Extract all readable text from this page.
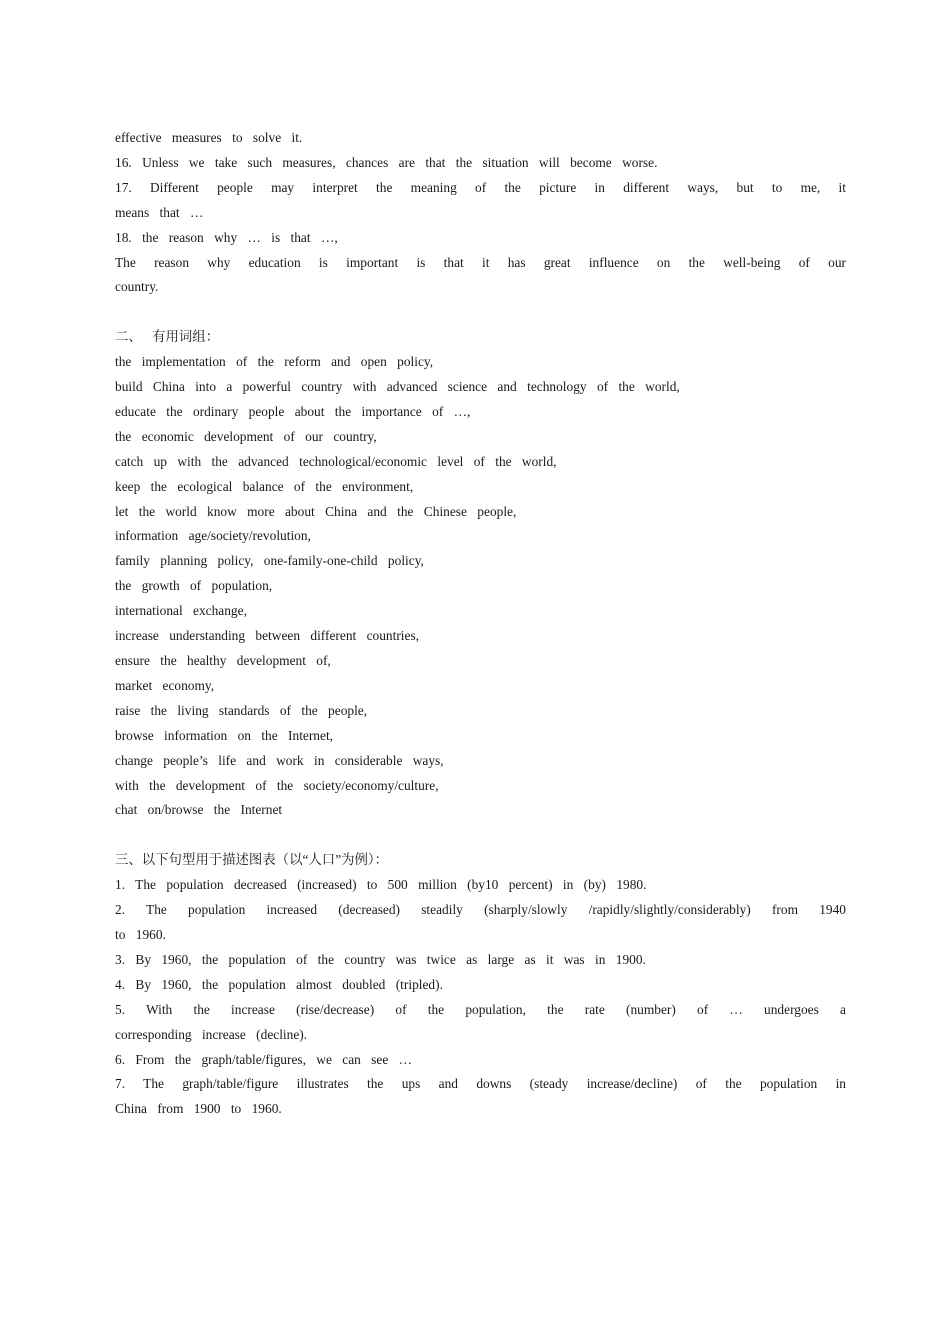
effective measures to solve it.
16. Unless we take such measures, chances are that the situation will become worse.
17. Different people may interpret the meaning of the picture in different ways, but to me, it
means that …
18. the reason why … is that …,
The reason why education is important is that it has great influence on the well-being of our
country.
二、 有用词组：
the implementation of the reform and open policy,
build China into a powerful country with advanced science and technology of the world,
educate the ordinary people about the importance of …,
the economic development of our country,
catch up with the advanced technological/economic level of the world,
keep the ecological balance of the environment,
let the world know more about China and the Chinese people,
information age/society/revolution,
family planning policy, one-family-one-child policy,
the growth of population,
international exchange,
increase understanding between different countries,
ensure the healthy development of,
market economy,
raise the living standards of the people,
browse information on the Internet,
change people’s life and work in considerable ways,
with the development of the society/economy/culture,
chat on/browse the Internet
三、以下句型用于描述图表（以“人口”为例）：
1. The population decreased (increased) to 500 million (by10 percent) in (by) 1980.
2. The population increased (decreased) steadily (sharply/slowly /rapidly/slightly/considerably) from 1940
to 1960.
3. By 1960, the population of the country was twice as large as it was in 1900.
4. By 1960, the population almost doubled (tripled).
5. With the increase (rise/decrease) of the population, the rate (number) of … undergoes a
corresponding increase (decline).
6. From the graph/table/figures, we can see …
7. The graph/table/figure illustrates the ups and downs (steady increase/decline) of the population in
China from 1900 to 1960.
